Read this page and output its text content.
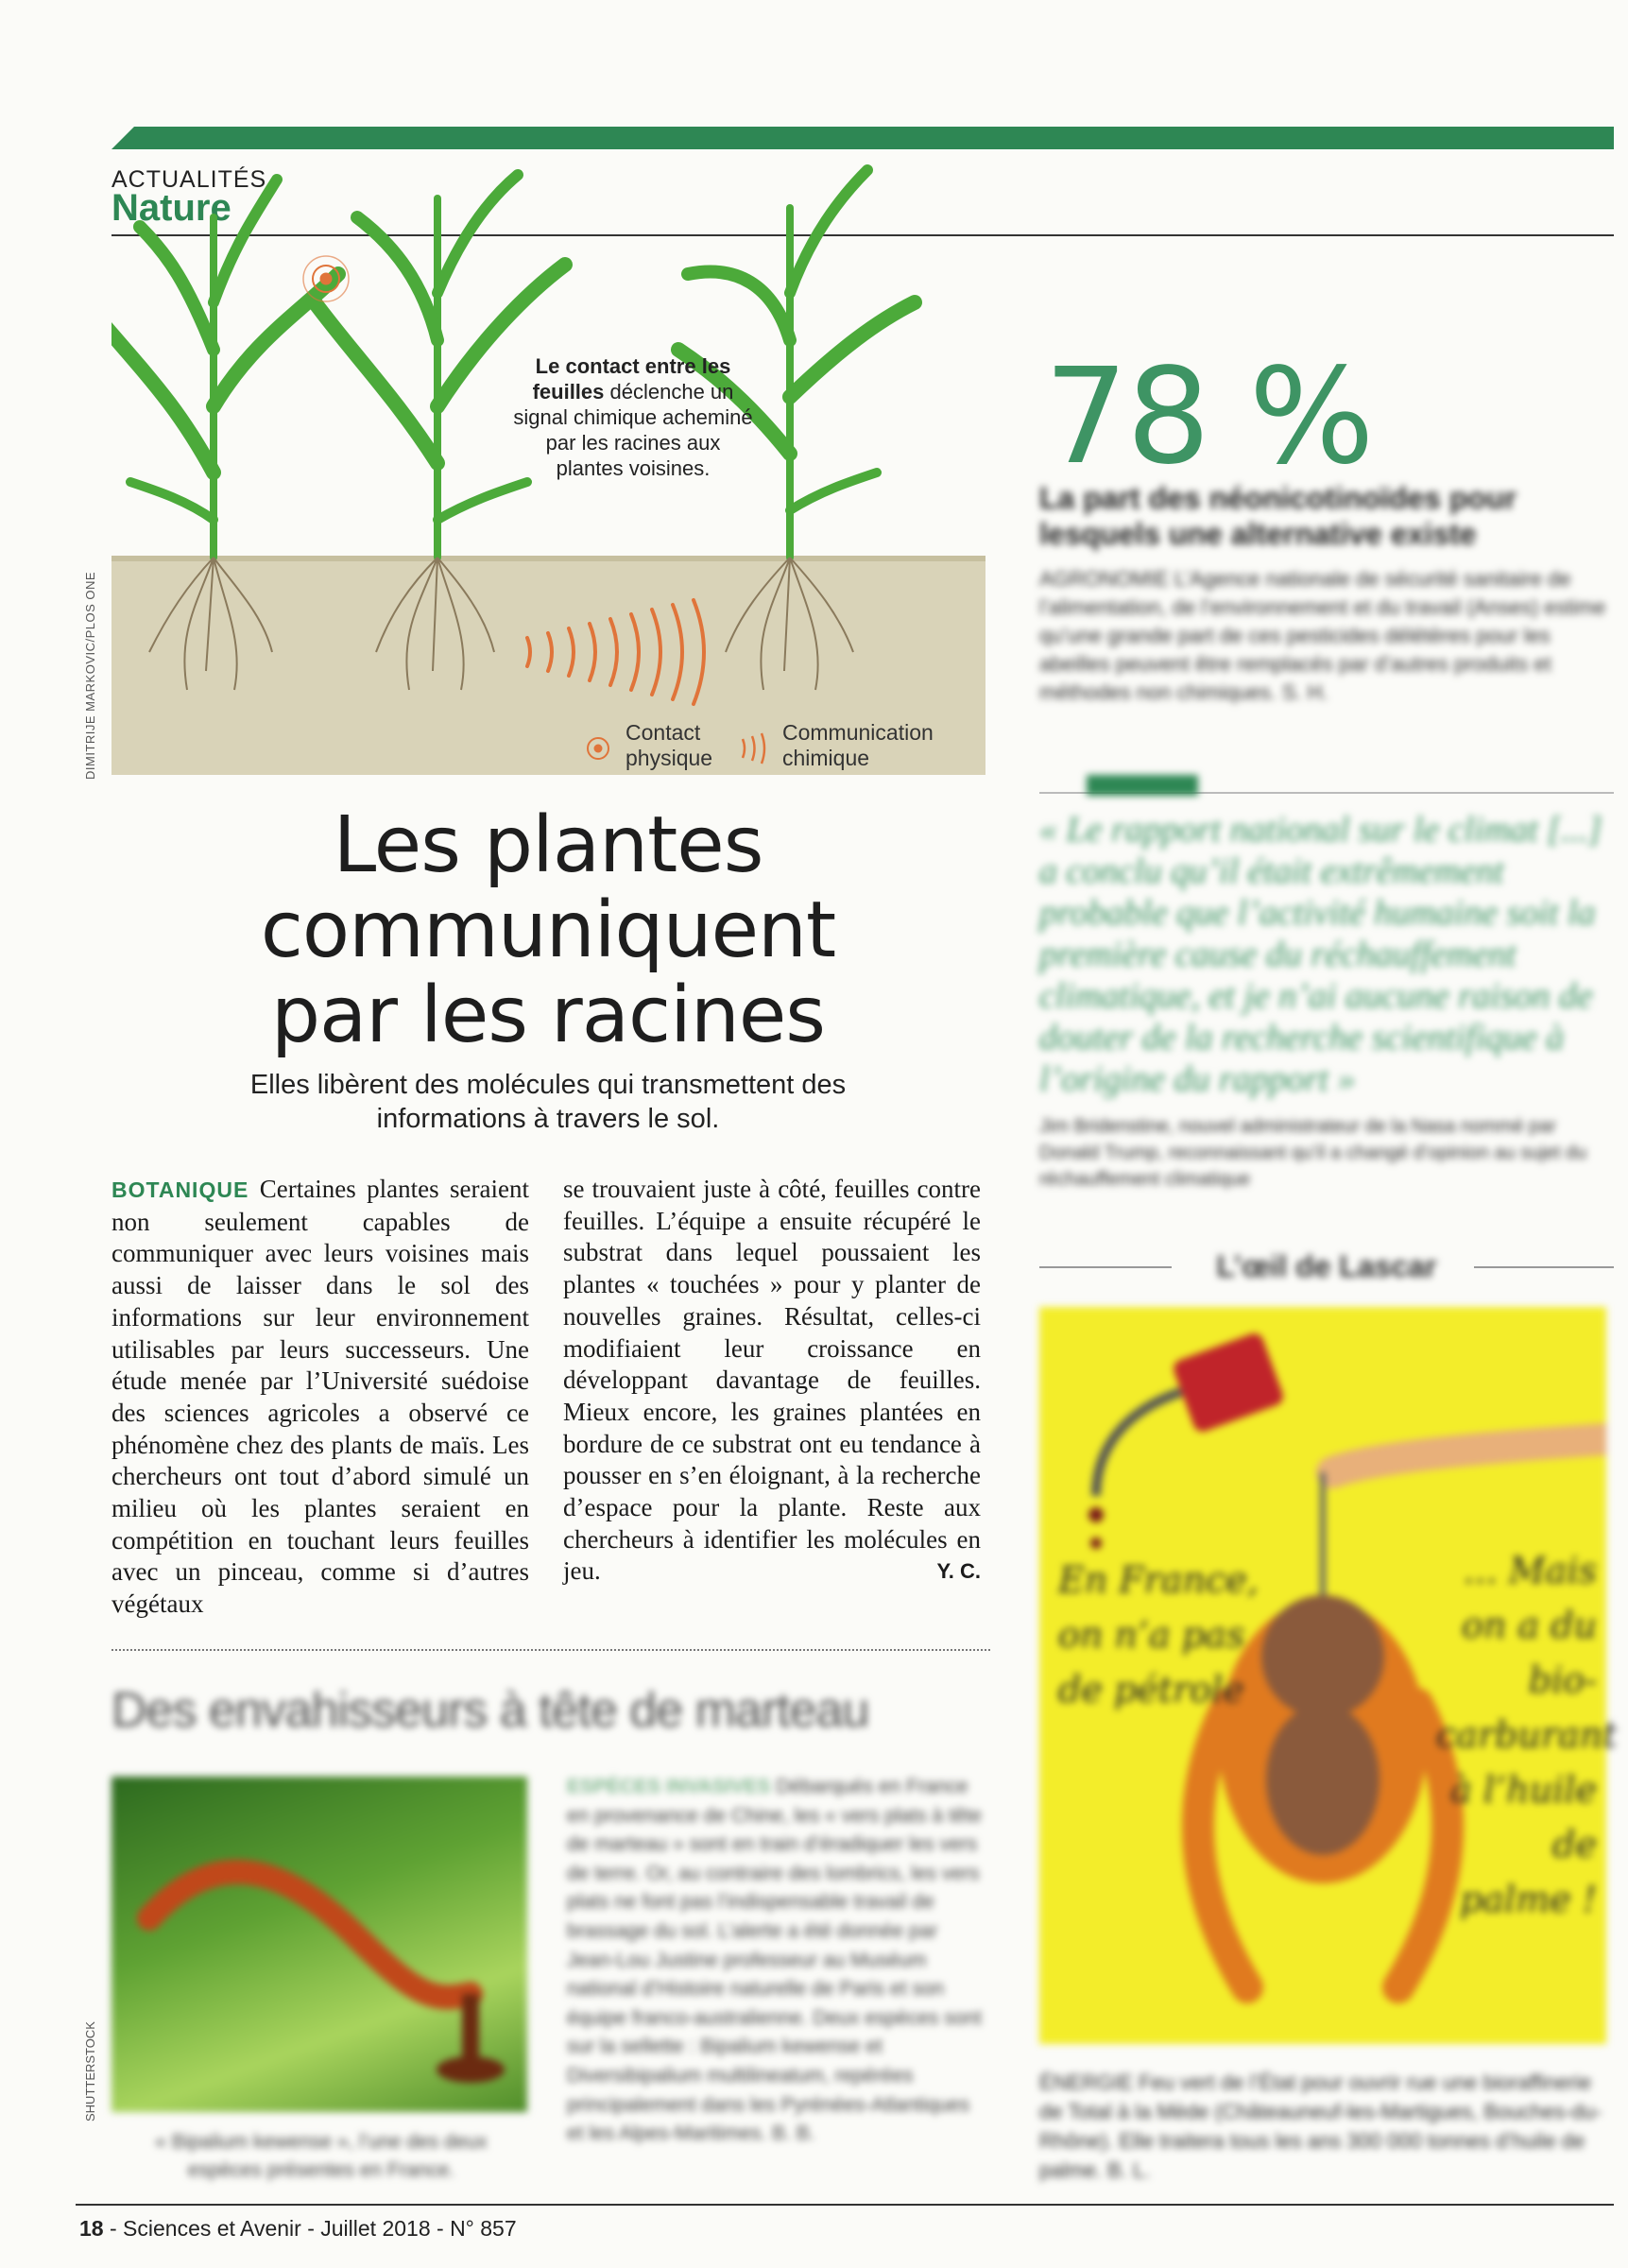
ACTUALITÉS
Nature
Le contact entre les feuilles déclenche un signal chimique acheminé par les racines aux plantes voisines.
Contact physique
Communication chimique
DIMITRIJE MARKOVIC/PLOS ONE
Les plantes communiquent par les racines
Elles libèrent des molécules qui transmettent des informations à travers le sol.
BOTANIQUE Certaines plantes seraient non seulement capables de communiquer avec leurs voisines mais aussi de laisser dans le sol des informations sur leur environnement utilisables par leurs successeurs. Une étude menée par l’Université suédoise des sciences agricoles a observé ce phénomène chez des plants de maïs. Les chercheurs ont tout d’abord simulé un milieu où les plantes seraient en compétition en touchant leurs feuilles avec un pinceau, comme si d’autres végétaux
se trouvaient juste à côté, feuilles contre feuilles. L’équipe a ensuite récupéré le substrat dans lequel poussaient les plantes « touchées » pour y planter de nouvelles graines. Résultat, celles-ci modifiaient leur croissance en développant davantage de feuilles. Mieux encore, les graines plantées en bordure de ce substrat ont eu tendance à pousser en s’en éloignant, à la recherche d’espace pour la plante. Reste aux chercheurs à identifier les molécules en jeu.	Y. C.
Des envahisseurs à tête de marteau
SHUTTERSTOCK
« Bipalium kewense », l’une des deux espèces présentes en France.
ESPÈCES INVASIVES Débarqués en France en provenance de Chine, les « vers plats à tête de marteau » sont en train d’éradiquer les vers de terre. Or, au contraire des lombrics, les vers plats ne font pas l’indispensable travail de brassage du sol. L’alerte a été donnée par Jean-Lou Justine professeur au Muséum national d’Histoire naturelle de Paris et son équipe franco-australienne. Deux espèces sont sur la sellette : Bipalium kewense et Diversibipalium multilineatum, repérées principalement dans les Pyrénées-Atlantiques et les Alpes-Maritimes. B. B.
78 %
La part des néonicotinoïdes pour lesquels une alternative existe
AGRONOMIE L’Agence nationale de sécurité sanitaire de l’alimentation, de l’environnement et du travail (Anses) estime qu’une grande part de ces pesticides délétères pour les abeilles peuvent être remplacés par d’autres produits et méthodes non chimiques. S. H.
« Le rapport national sur le climat [...] a conclu qu’il était extrêmement probable que l’activité humaine soit la première cause du réchauffement climatique, et je n’ai aucune raison de douter de la recherche scientifique à l’origine du rapport »
Jim Bridenstine, nouvel administrateur de la Nasa nommé par Donald Trump, reconnaissant qu’il a changé d’opinion au sujet du réchauffement climatique
L’œil de Lascar
En France, on n’a pas de pétrole
... Mais on a du bio-carburant à l’huile de palme !
ÉNERGIE Feu vert de l’État pour ouvrir rue une bioraffinerie de Total à la Mède (Châteauneuf-les-Martigues, Bouches-du-Rhône). Elle traitera tous les ans 300 000 tonnes d’huile de palme. B. L.
18 - Sciences et Avenir - Juillet 2018 - N° 857
